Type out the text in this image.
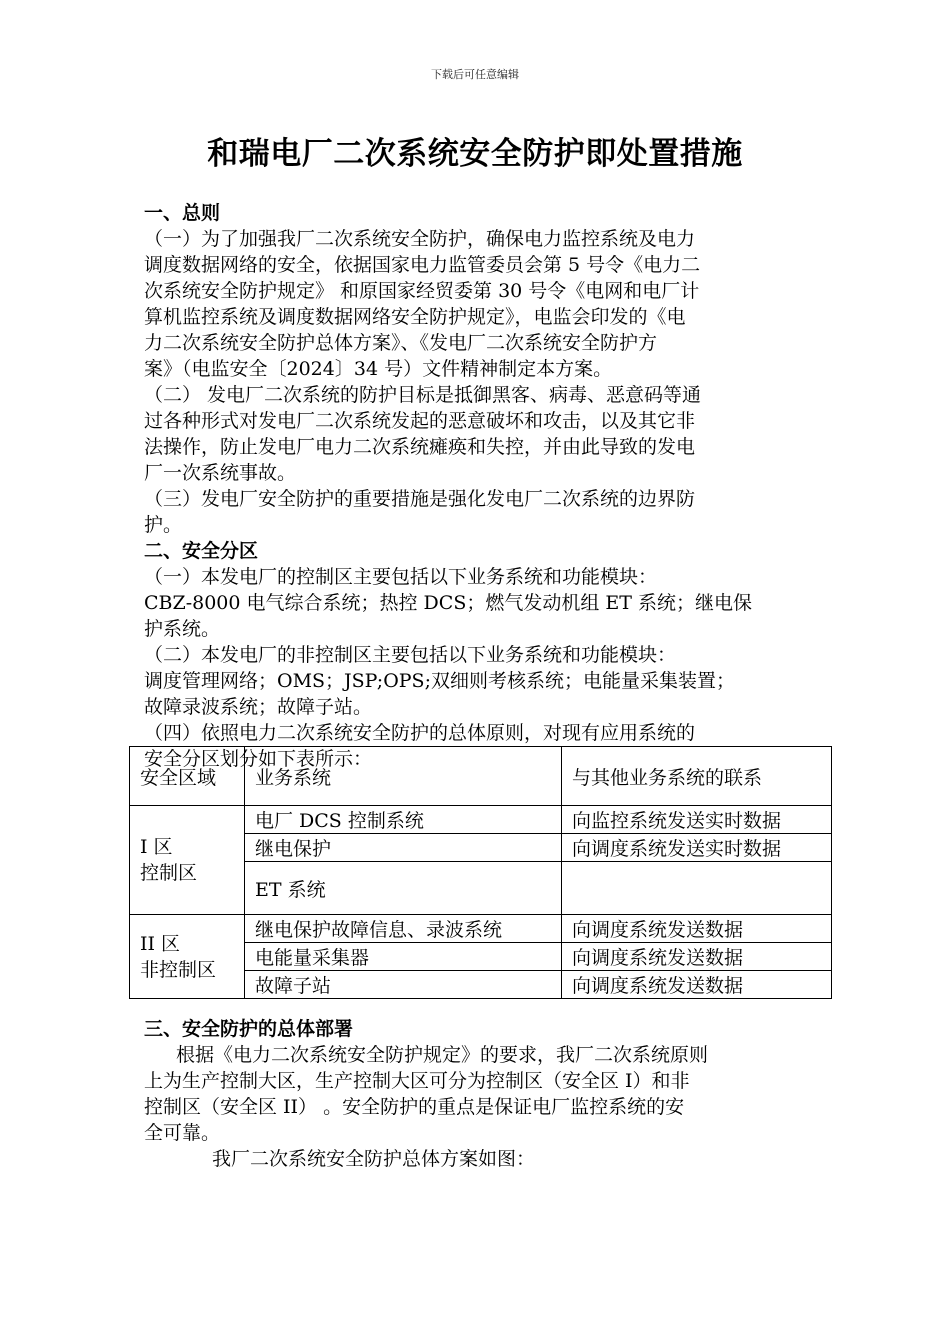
下载后可任意编辑
和瑞电厂二次系统安全防护即处置措施
一、总则
（一）为了加强我厂二次系统安全防护，确保电力监控系统及电力
调度数据网络的安全，依据国家电力监管委员会第 5 号令《电力二
次系统安全防护规定》 和原国家经贸委第 30 号令《电网和电厂计
算机监控系统及调度数据网络安全防护规定》，电监会印发的《电
力二次系统安全防护总体方案》、《发电厂二次系统安全防护方
案》（电监安全〔2024〕34 号）文件精神制定本方案。
（二） 发电厂二次系统的防护目标是抵御黑客、病毒、恶意码等通
过各种形式对发电厂二次系统发起的恶意破坏和攻击，以及其它非
法操作，防止发电厂电力二次系统瘫痪和失控，并由此导致的发电
厂一次系统事故。
（三）发电厂安全防护的重要措施是强化发电厂二次系统的边界防
护。
二、安全分区
（一）本发电厂的控制区主要包括以下业务系统和功能模块：
CBZ-8000 电气综合系统；热控 DCS；燃气发动机组 ET 系统；继电保
护系统。
（二）本发电厂的非控制区主要包括以下业务系统和功能模块：
调度管理网络；OMS；JSP;OPS;双细则考核系统；电能量采集装置；
故障录波系统；故障子站。
（四）依照电力二次系统安全防护的总体原则，对现有应用系统的
安全分区划分如下表所示：
安全区域	业务系统	与其他业务系统的联系

I 区
控制区	电厂 DCS 控制系统	向监控系统发送实时数据
	继电保护	向调度系统发送实时数据
	ET 系统	

II 区
非控制区	继电保护故障信息、录波系统	向调度系统发送数据
	电能量采集器	向调度系统发送数据
	故障子站	向调度系统发送数据
三、安全防护的总体部署
根据《电力二次系统安全防护规定》的要求，我厂二次系统原则
上为生产控制大区，生产控制大区可分为控制区（安全区 I）和非
控制区（安全区 II） 。安全防护的重点是保证电厂监控系统的安
全可靠。
我厂二次系统安全防护总体方案如图：
